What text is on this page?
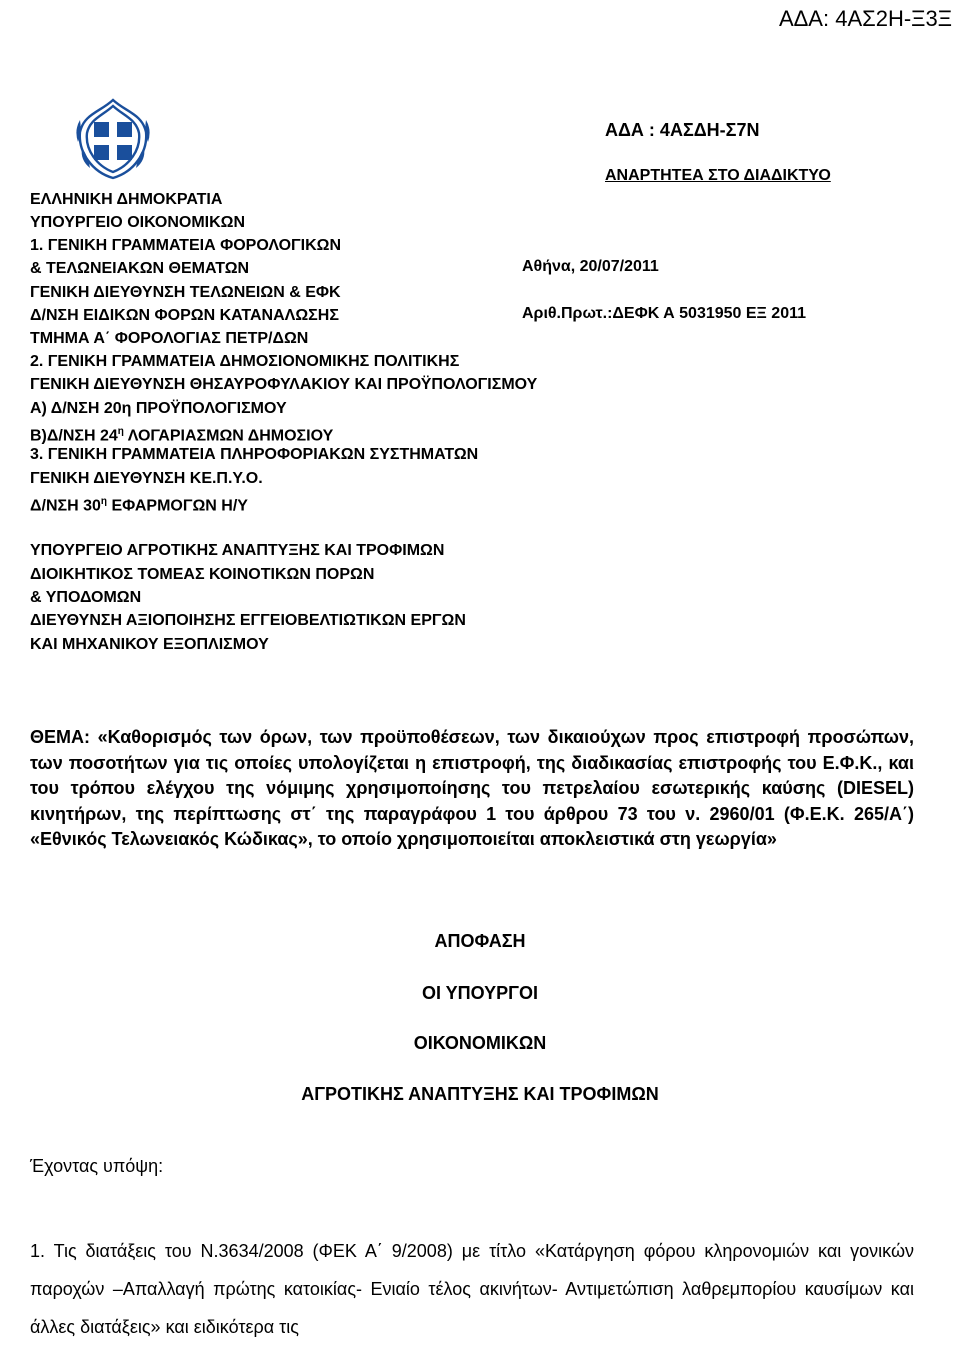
ΑΔΑ: 4ΑΣ2Η-Ξ3Ξ
ΑΔΑ : 4ΑΣΔΗ-Σ7Ν
ΑΝΑΡΤΗΤΕΑ ΣΤΟ ΔΙΑΔΙΚΤΥΟ
ΕΛΛΗΝΙΚΗ ΔΗΜΟΚΡΑΤΙΑ
ΥΠΟΥΡΓΕΙΟ ΟΙΚΟΝΟΜΙΚΩΝ
1. ΓΕΝΙΚΗ ΓΡΑΜΜΑΤΕΙΑ ΦΟΡΟΛΟΓΙΚΩΝ
& ΤΕΛΩΝΕΙΑΚΩΝ ΘΕΜΑΤΩΝ
ΓΕΝΙΚΗ ΔΙΕΥΘΥΝΣΗ ΤΕΛΩΝΕΙΩΝ & ΕΦΚ
Δ/ΝΣΗ ΕΙΔΙΚΩΝ ΦΟΡΩΝ ΚΑΤΑΝΑΛΩΣΗΣ
ΤΜΗΜΑ Α΄ ΦΟΡΟΛΟΓΙΑΣ ΠΕΤΡ/ΔΩΝ
2. ΓΕΝΙΚΗ ΓΡΑΜΜΑΤΕΙΑ ΔΗΜΟΣΙΟΝΟΜΙΚΗΣ ΠΟΛΙΤΙΚΗΣ
ΓΕΝΙΚΗ ΔΙΕΥΘΥΝΣΗ ΘΗΣΑΥΡΟΦΥΛΑΚΙΟΥ ΚΑΙ ΠΡΟΫΠΟΛΟΓΙΣΜΟΥ
Α) Δ/ΝΣΗ 20η ΠΡΟΫΠΟΛΟΓΙΣΜΟΥ
Β)Δ/ΝΣΗ $24^\eta$ ΛΟΓΑΡΙΑΣΜΩΝ ΔΗΜΟΣΙΟΥ
3. ΓΕΝΙΚΗ ΓΡΑΜΜΑΤΕΙΑ ΠΛΗΡΟΦΟΡΙΑΚΩΝ ΣΥΣΤΗΜΑΤΩΝ
ΓΕΝΙΚΗ ΔΙΕΥΘΥΝΣΗ ΚΕ.Π.Υ.Ο.
Δ/ΝΣΗ $30^\eta$ ΕΦΑΡΜΟΓΩΝ Η/Υ
ΥΠΟΥΡΓΕΙΟ ΑΓΡΟΤΙΚΗΣ ΑΝΑΠΤΥΞΗΣ ΚΑΙ ΤΡΟΦΙΜΩΝ
ΔΙΟΙΚΗΤΙΚΟΣ ΤΟΜΕΑΣ ΚΟΙΝΟΤΙΚΩΝ ΠΟΡΩΝ
& ΥΠΟΔΟΜΩΝ
ΔΙΕΥΘΥΝΣΗ ΑΞΙΟΠΟΙΗΣΗΣ ΕΓΓΕΙΟΒΕΛΤΙΩΤΙΚΩΝ ΕΡΓΩΝ
ΚΑΙ ΜΗΧΑΝΙΚΟΥ ΕΞΟΠΛΙΣΜΟΥ
Αθήνα, 20/07/2011
Αριθ.Πρωτ.:ΔΕΦΚ Α 5031950 ΕΞ 2011
ΘΕΜΑ: «Καθορισμός των όρων, των προϋποθέσεων, των δικαιούχων προς επιστροφή προσώπων, των ποσοτήτων για τις οποίες υπολογίζεται η επιστροφή, της διαδικασίας επιστροφής του Ε.Φ.Κ., και του τρόπου ελέγχου της νόμιμης χρησιμοποίησης του πετρελαίου εσωτερικής καύσης (DIESEL) κινητήρων, της περίπτωσης στ΄ της παραγράφου 1 του άρθρου 73 του ν. 2960/01 (Φ.Ε.Κ. 265/Α΄) «Εθνικός Τελωνειακός Κώδικας», το οποίο χρησιμοποιείται αποκλειστικά στη γεωργία»
ΑΠΟΦΑΣΗ
ΟΙ ΥΠΟΥΡΓΟΙ
ΟΙΚΟΝΟΜΙΚΩΝ
ΑΓΡΟΤΙΚΗΣ ΑΝΑΠΤΥΞΗΣ ΚΑΙ ΤΡΟΦΙΜΩΝ
Έχοντας υπόψη:
1. Τις διατάξεις του Ν.3634/2008 (ΦΕΚ Α΄ 9/2008) με τίτλο «Κατάργηση φόρου κληρονομιών και γονικών παροχών –Απαλλαγή πρώτης κατοικίας- Ενιαίο τέλος ακινήτων- Αντιμετώπιση λαθρεμπορίου καυσίμων και άλλες διατάξεις» και ειδικότερα τις
